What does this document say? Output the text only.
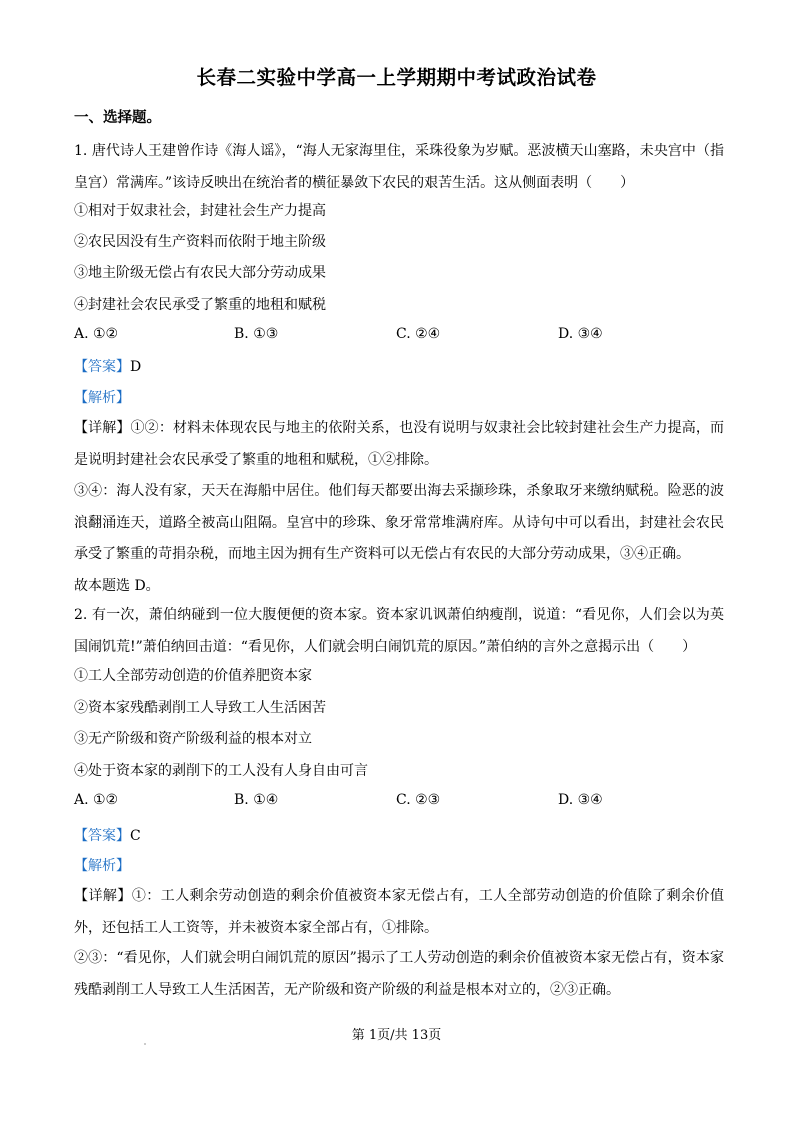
长春二实验中学高一上学期期中考试政治试卷
一、选择题。
1. 唐代诗人王建曾作诗《海人谣》，“海人无家海里住，采珠役象为岁赋。恶波横天山塞路，未央宫中（指皇宫）常满库。”该诗反映出在统治者的横征暴敛下农民的艰苦生活。这从侧面表明（　　）
①相对于奴隶社会，封建社会生产力提高
②农民因没有生产资料而依附于地主阶级
③地主阶级无偿占有农民大部分劳动成果
④封建社会农民承受了繁重的地租和赋税
A. ①②	B. ①③	C. ②④	D. ③④
【答案】D
【解析】
【详解】①②：材料未体现农民与地主的依附关系，也没有说明与奴隶社会比较封建社会生产力提高，而是说明封建社会农民承受了繁重的地租和赋税，①②排除。
③④：海人没有家，天天在海船中居住。他们每天都要出海去采撷珍珠，杀象取牙来缴纳赋税。险恶的波浪翻涌连天，道路全被高山阻隔。皇宫中的珍珠、象牙常常堆满府库。从诗句中可以看出，封建社会农民承受了繁重的苛捐杂税，而地主因为拥有生产资料可以无偿占有农民的大部分劳动成果，③④正确。
故本题选 D。
2. 有一次，萧伯纳碰到一位大腹便便的资本家。资本家讥讽萧伯纳瘦削，说道：“看见你，人们会以为英国闹饥荒!”萧伯纳回击道：“看见你，人们就会明白闹饥荒的原因。”萧伯纳的言外之意揭示出（　　）
①工人全部劳动创造的价值养肥资本家
②资本家残酷剥削工人导致工人生活困苦
③无产阶级和资产阶级利益的根本对立
④处于资本家的剥削下的工人没有人身自由可言
A. ①②	B. ①④	C. ②③	D. ③④
【答案】C
【解析】
【详解】①：工人剩余劳动创造的剩余价值被资本家无偿占有，工人全部劳动创造的价值除了剩余价值外，还包括工人工资等，并未被资本家全部占有，①排除。
②③：“看见你，人们就会明白闹饥荒的原因”揭示了工人劳动创造的剩余价值被资本家无偿占有，资本家残酷剥削工人导致工人生活困苦，无产阶级和资产阶级的利益是根本对立的，②③正确。
第 1页/共 13页
